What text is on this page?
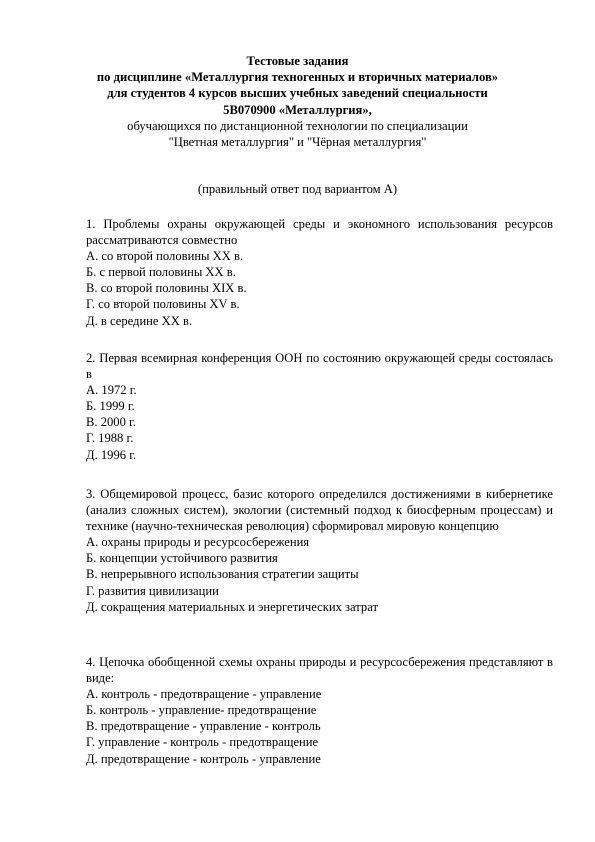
Тестовые задания
по дисциплине «Металлургия техногенных и вторичных материалов»
для студентов 4 курсов высших учебных заведений специальности
5В070900 «Металлургия»,
обучающихся по дистанционной технологии по специализации
"Цветная металлургия" и "Чёрная металлургия"
(правильный ответ под вариантом А)
1. Проблемы охраны окружающей среды и экономного использования ресурсов рассматриваются совместно
А. со второй половины ХХ в.
Б. с первой половины ХХ в.
В. со второй половины ХIХ в.
Г. со второй половины ХV в.
Д. в середине ХХ в.
2. Первая всемирная конференция ООН по состоянию окружающей среды состоялась в
А. 1972 г.
Б. 1999 г.
В. 2000 г.
Г. 1988 г.
Д. 1996 г.
3. Общемировой процесс, базис которого определился достижениями в кибернетике (анализ сложных систем), экологии (системный подход к биосферным процессам) и технике (научно-техническая революция) сформировал мировую концепцию
А. охраны природы и ресурсосбережения
Б. концепции устойчивого развития
В. непрерывного использования стратегии защиты
Г. развития цивилизации
Д. сокращения материальных и энергетических затрат
4. Цепочка обобщенной схемы охраны природы и ресурсосбережения представляют в виде:
А. контроль - предотвращение - управление
Б. контроль - управление- предотвращение
В. предотвращение - управление - контроль
Г. управление - контроль - предотвращение
Д. предотвращение - контроль - управление
